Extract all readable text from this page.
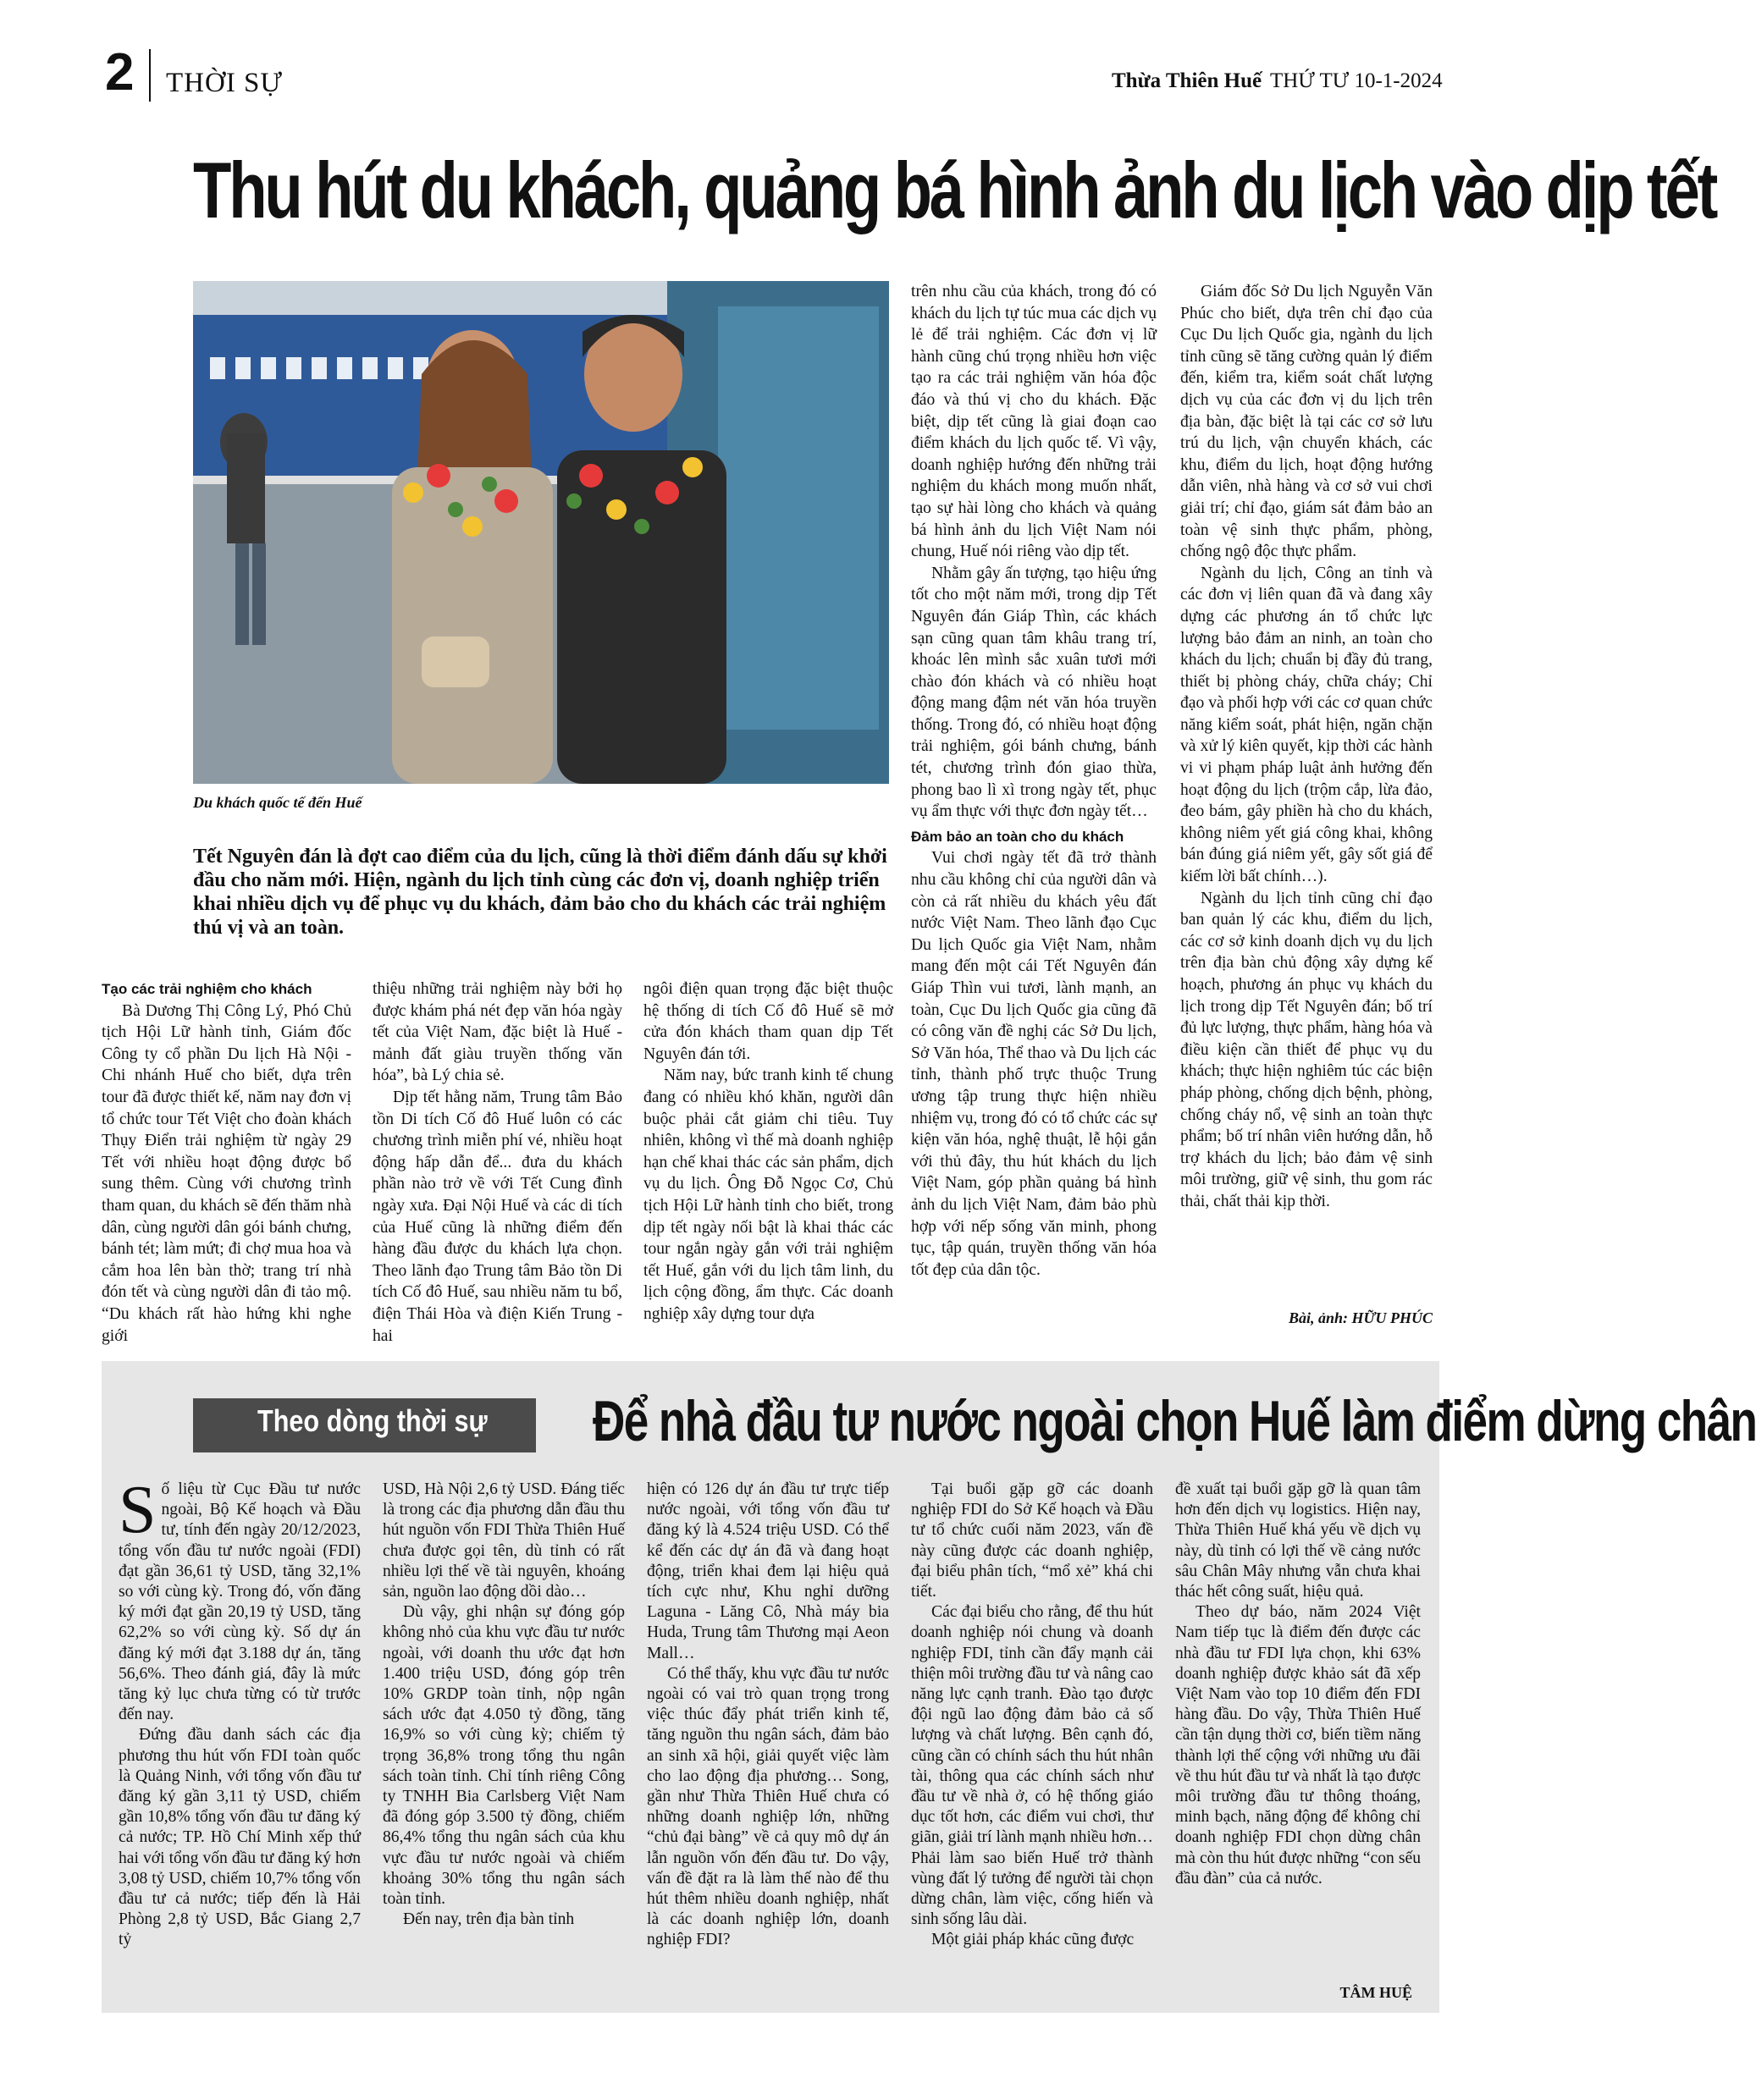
2 THỜI SỰ	Thừa Thiên Huế THỨ TƯ 10-1-2024
Thu hút du khách, quảng bá hình ảnh du lịch vào dịp tết
Du khách quốc tế đến Huế
Tết Nguyên đán là đợt cao điểm của du lịch, cũng là thời điểm đánh dấu sự khởi đầu cho năm mới. Hiện, ngành du lịch tỉnh cùng các đơn vị, doanh nghiệp triển khai nhiều dịch vụ để phục vụ du khách, đảm bảo cho du khách các trải nghiệm thú vị và an toàn.

Tạo các trải nghiệm cho khách

Bà Dương Thị Công Lý, Phó Chủ tịch Hội Lữ hành tỉnh, Giám đốc Công ty cổ phần Du lịch Hà Nội - Chi nhánh Huế cho biết, dựa trên tour đã được thiết kế, năm nay đơn vị tổ chức tour Tết Việt cho đoàn khách Thụy Điển trải nghiệm từ ngày 29 Tết với nhiều hoạt động được bổ sung thêm. Cùng với chương trình tham quan, du khách sẽ đến thăm nhà dân, cùng người dân gói bánh chưng, bánh tét; làm mứt; đi chợ mua hoa và cắm hoa lên bàn thờ; trang trí nhà đón tết và cùng người dân đi tảo mộ. “Du khách rất hào hứng khi nghe giới

thiệu những trải nghiệm này bởi họ được khám phá nét đẹp văn hóa ngày tết của Việt Nam, đặc biệt là Huế - mảnh đất giàu truyền thống văn hóa”, bà Lý chia sẻ.

Dịp tết hằng năm, Trung tâm Bảo tồn Di tích Cố đô Huế luôn có các chương trình miễn phí vé, nhiều hoạt động hấp dẫn để... đưa du khách phần nào trở về với Tết Cung đình ngày xưa. Đại Nội Huế và các di tích của Huế cũng là những điểm đến hàng đầu được du khách lựa chọn. Theo lãnh đạo Trung tâm Bảo tồn Di tích Cố đô Huế, sau nhiều năm tu bổ, điện Thái Hòa và điện Kiến Trung - hai

ngôi điện quan trọng đặc biệt thuộc hệ thống di tích Cố đô Huế sẽ mở cửa đón khách tham quan dịp Tết Nguyên đán tới.

Năm nay, bức tranh kinh tế chung đang có nhiều khó khăn, người dân buộc phải cắt giảm chi tiêu. Tuy nhiên, không vì thế mà doanh nghiệp hạn chế khai thác các sản phẩm, dịch vụ du lịch. Ông Đỗ Ngọc Cơ, Chủ tịch Hội Lữ hành tỉnh cho biết, trong dịp tết ngày nối bật là khai thác các tour ngắn ngày gắn với trải nghiệm tết Huế, gắn với du lịch tâm linh, du lịch cộng đồng, ẩm thực. Các doanh nghiệp xây dựng tour dựa

trên nhu cầu của khách, trong đó có khách du lịch tự túc mua các dịch vụ lẻ để trải nghiệm. Các đơn vị lữ hành cũng chú trọng nhiều hơn việc tạo ra các trải nghiệm văn hóa độc đáo và thú vị cho du khách. Đặc biệt, dịp tết cũng là giai đoạn cao điểm khách du lịch quốc tế. Vì vậy, doanh nghiệp hướng đến những trải nghiệm du khách mong muốn nhất, tạo sự hài lòng cho khách và quảng bá hình ảnh du lịch Việt Nam nói chung, Huế nói riêng vào dịp tết.

Nhằm gây ấn tượng, tạo hiệu ứng tốt cho một năm mới, trong dịp Tết Nguyên đán Giáp Thìn, các khách sạn cũng quan tâm khâu trang trí, khoác lên mình sắc xuân tươi mới chào đón khách và có nhiều hoạt động mang đậm nét văn hóa truyền thống. Trong đó, có nhiều hoạt động trải nghiệm, gói bánh chưng, bánh tét, chương trình đón giao thừa, phong bao lì xì trong ngày tết, phục vụ ẩm thực với thực đơn ngày tết…

Đảm bảo an toàn cho du khách

Vui chơi ngày tết đã trở thành nhu cầu không chỉ của người dân và còn cả rất nhiều du khách yêu đất nước Việt Nam. Theo lãnh đạo Cục Du lịch Quốc gia Việt Nam, nhằm mang đến một cái Tết Nguyên đán Giáp Thìn vui tươi, lành mạnh, an toàn, Cục Du lịch Quốc gia cũng đã có công văn đề nghị các Sở Du lịch, Sở Văn hóa, Thể thao và Du lịch các tỉnh, thành phố trực thuộc Trung ương tập trung thực hiện nhiều nhiệm vụ, trong đó có tổ chức các sự kiện văn hóa, nghệ thuật, lễ hội gắn với thủ đây, thu hút khách du lịch Việt Nam, góp phần quảng bá hình ảnh du lịch Việt Nam, đảm bảo phù hợp với nếp sống văn minh, phong tục, tập quán, truyền thống văn hóa tốt đẹp của dân tộc.

Giám đốc Sở Du lịch Nguyễn Văn Phúc cho biết, dựa trên chỉ đạo của Cục Du lịch Quốc gia, ngành du lịch tỉnh cũng sẽ tăng cường quản lý điểm đến, kiểm tra, kiểm soát chất lượng dịch vụ của các đơn vị du lịch trên địa bàn, đặc biệt là tại các cơ sở lưu trú du lịch, vận chuyển khách, các khu, điểm du lịch, hoạt động hướng dẫn viên, nhà hàng và cơ sở vui chơi giải trí; chỉ đạo, giám sát đảm bảo an toàn vệ sinh thực phẩm, phòng, chống ngộ độc thực phẩm.

Ngành du lịch, Công an tỉnh và các đơn vị liên quan đã và đang xây dựng các phương án tổ chức lực lượng bảo đảm an ninh, an toàn cho khách du lịch; chuẩn bị đầy đủ trang, thiết bị phòng cháy, chữa cháy; Chỉ đạo và phối hợp với các cơ quan chức năng kiểm soát, phát hiện, ngăn chặn và xử lý kiên quyết, kịp thời các hành vi vi phạm pháp luật ảnh hưởng đến hoạt động du lịch (trộm cắp, lừa đảo, đeo bám, gây phiền hà cho du khách, không niêm yết giá công khai, không bán đúng giá niêm yết, gây sốt giá để kiếm lời bất chính…).

Ngành du lịch tỉnh cũng chỉ đạo ban quản lý các khu, điểm du lịch, các cơ sở kinh doanh dịch vụ du lịch trên địa bàn chủ động xây dựng kế hoạch, phương án phục vụ khách du lịch trong dịp Tết Nguyên đán; bố trí đủ lực lượng, thực phẩm, hàng hóa và điều kiện cần thiết để phục vụ du khách; thực hiện nghiêm túc các biện pháp phòng, chống dịch bệnh, phòng, chống cháy nổ, vệ sinh an toàn thực phẩm; bố trí nhân viên hướng dẫn, hỗ trợ khách du lịch; bảo đảm vệ sinh môi trường, giữ vệ sinh, thu gom rác thải, chất thải kịp thời.

Bài, ảnh: HỮU PHÚC
Theo dòng thời sự Để nhà đầu tư nước ngoài chọn Huế làm điểm dừng chân

Số liệu từ Cục Đầu tư nước ngoài, Bộ Kế hoạch và Đầu tư, tính đến ngày 20/12/2023, tổng vốn đầu tư nước ngoài (FDI) đạt gần 36,61 tỷ USD, tăng 32,1% so với cùng kỳ. Trong đó, vốn đăng ký mới đạt gần 20,19 tỷ USD, tăng 62,2% so với cùng kỳ. Số dự án đăng ký mới đạt 3.188 dự án, tăng 56,6%. Theo đánh giá, đây là mức tăng kỷ lục chưa từng có từ trước đến nay.

Đứng đầu danh sách các địa phương thu hút vốn FDI toàn quốc là Quảng Ninh, với tổng vốn đầu tư đăng ký gần 3,11 tỷ USD, chiếm gần 10,8% tổng vốn đầu tư đăng ký cả nước; TP. Hồ Chí Minh xếp thứ hai với tổng vốn đầu tư đăng ký hơn 3,08 tỷ USD, chiếm 10,7% tổng vốn đầu tư cả nước; tiếp đến là Hải Phòng 2,8 tỷ USD, Bắc Giang 2,7 tỷ

USD, Hà Nội 2,6 tỷ USD. Đáng tiếc là trong các địa phương dẫn đầu thu hút nguồn vốn FDI Thừa Thiên Huế chưa được gọi tên, dù tỉnh có rất nhiều lợi thế về tài nguyên, khoáng sản, nguồn lao động dồi dào…

Dù vậy, ghi nhận sự đóng góp không nhỏ của khu vực đầu tư nước ngoài, với doanh thu ước đạt hơn 1.400 triệu USD, đóng góp trên 10% GRDP toàn tỉnh, nộp ngân sách ước đạt 4.050 tỷ đồng, tăng 16,9% so với cùng kỳ; chiếm tỷ trọng 36,8% trong tổng thu ngân sách toàn tỉnh. Chỉ tính riêng Công ty TNHH Bia Carlsberg Việt Nam đã đóng góp 3.500 tỷ đồng, chiếm 86,4% tổng thu ngân sách của khu vực đầu tư nước ngoài và chiếm khoảng 30% tổng thu ngân sách toàn tỉnh.

Đến nay, trên địa bàn tỉnh

hiện có 126 dự án đầu tư trực tiếp nước ngoài, với tổng vốn đầu tư đăng ký là 4.524 triệu USD. Có thể kể đến các dự án đã và đang hoạt động, triển khai đem lại hiệu quả tích cực như, Khu nghỉ dưỡng Laguna - Lăng Cô, Nhà máy bia Huda, Trung tâm Thương mại Aeon Mall…

Có thể thấy, khu vực đầu tư nước ngoài có vai trò quan trọng trong việc thúc đẩy phát triển kinh tế, tăng nguồn thu ngân sách, đảm bảo an sinh xã hội, giải quyết việc làm cho lao động địa phương… Song, gần như Thừa Thiên Huế chưa có những doanh nghiệp lớn, những “chủ đại bàng” về cả quy mô dự án lẫn nguồn vốn đến đầu tư. Do vậy, vấn đề đặt ra là làm thế nào để thu hút thêm nhiều doanh nghiệp, nhất là các doanh nghiệp lớn, doanh nghiệp FDI?

Tại buổi gặp gỡ các doanh nghiệp FDI do Sở Kế hoạch và Đầu tư tổ chức cuối năm 2023, vấn đề này cũng được các doanh nghiệp, đại biểu phân tích, “mổ xẻ” khá chi tiết.

Các đại biểu cho rằng, để thu hút doanh nghiệp nói chung và doanh nghiệp FDI, tỉnh cần đẩy mạnh cải thiện môi trường đầu tư và nâng cao năng lực cạnh tranh. Đào tạo được đội ngũ lao động đảm bảo cả số lượng và chất lượng. Bên cạnh đó, cũng cần có chính sách thu hút nhân tài, thông qua các chính sách như đầu tư về nhà ở, có hệ thống giáo dục tốt hơn, các điểm vui chơi, thư giãn, giải trí lành mạnh nhiều hơn… Phải làm sao biến Huế trở thành vùng đất lý tưởng để người tài chọn dừng chân, làm việc, cống hiến và sinh sống lâu dài.

Một giải pháp khác cũng được

đề xuất tại buổi gặp gỡ là quan tâm hơn đến dịch vụ logistics. Hiện nay, Thừa Thiên Huế khá yếu về dịch vụ này, dù tỉnh có lợi thế về cảng nước sâu Chân Mây nhưng vẫn chưa khai thác hết công suất, hiệu quả.

Theo dự báo, năm 2024 Việt Nam tiếp tục là điểm đến được các nhà đầu tư FDI lựa chọn, khi 63% doanh nghiệp được khảo sát đã xếp Việt Nam vào top 10 điểm đến FDI hàng đầu. Do vậy, Thừa Thiên Huế cần tận dụng thời cơ, biến tiềm năng thành lợi thế cộng với những ưu đãi về thu hút đầu tư và nhất là tạo được môi trường đầu tư thông thoáng, minh bạch, năng động để không chỉ doanh nghiệp FDI chọn dừng chân mà còn thu hút được những “con sếu đầu đàn” của cả nước.

TÂM HUỆ
